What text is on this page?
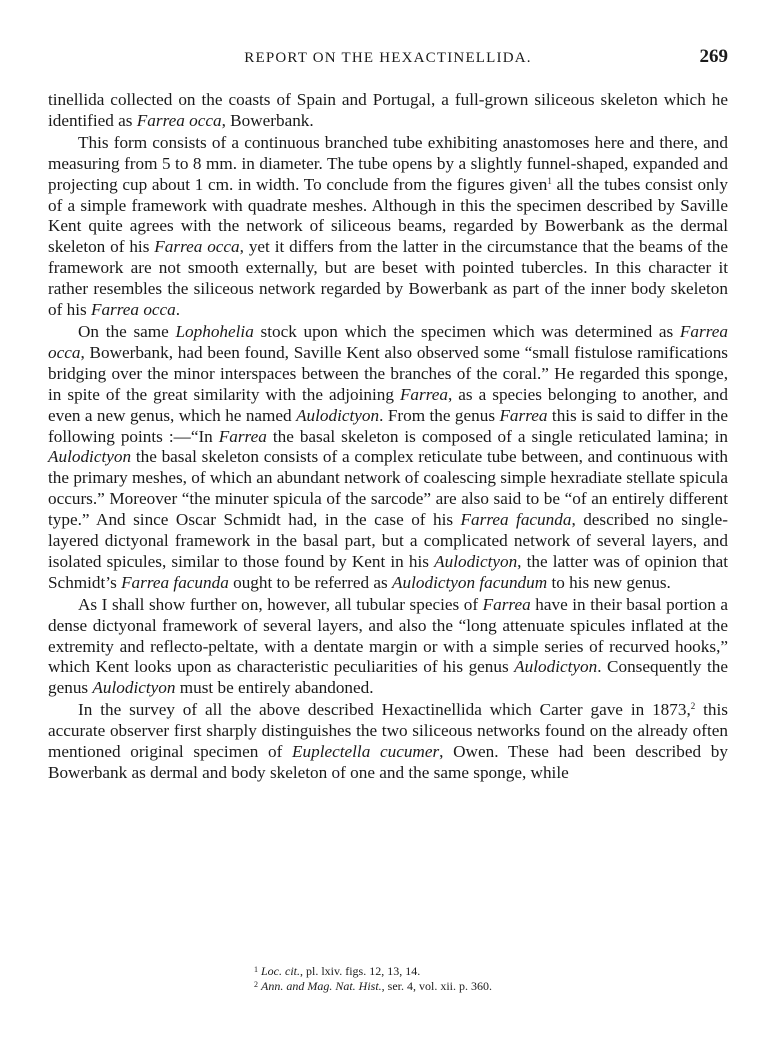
REPORT ON THE HEXACTINELLIDA.	269

tinellida collected on the coasts of Spain and Portugal, a full-grown siliceous skeleton which he identified as Farrea occa, Bowerbank.

This form consists of a continuous branched tube exhibiting anastomoses here and there, and measuring from 5 to 8 mm. in diameter. The tube opens by a slightly funnel-shaped, expanded and projecting cup about 1 cm. in width. To conclude from the figures given$^1$ all the tubes consist only of a simple framework with quadrate meshes. Although in this the specimen described by Saville Kent quite agrees with the network of siliceous beams, regarded by Bowerbank as the dermal skeleton of his Farrea occa, yet it differs from the latter in the circumstance that the beams of the framework are not smooth externally, but are beset with pointed tubercles. In this character it rather resembles the siliceous network regarded by Bowerbank as part of the inner body skeleton of his Farrea occa.

On the same Lophohelia stock upon which the specimen which was determined as Farrea occa, Bowerbank, had been found, Saville Kent also observed some “small fistulose ramifications bridging over the minor interspaces between the branches of the coral.” He regarded this sponge, in spite of the great similarity with the adjoining Farrea, as a species belonging to another, and even a new genus, which he named Aulodictyon. From the genus Farrea this is said to differ in the following points :—“In Farrea the basal skeleton is composed of a single reticulated lamina; in Aulodictyon the basal skeleton consists of a complex reticulate tube between, and continuous with the primary meshes, of which an abundant network of coalescing simple hexradiate stellate spicula occurs.” Moreover “the minuter spicula of the sarcode” are also said to be “of an entirely different type.” And since Oscar Schmidt had, in the case of his Farrea facunda, described no single-layered dictyonal framework in the basal part, but a complicated network of several layers, and isolated spicules, similar to those found by Kent in his Aulodictyon, the latter was of opinion that Schmidt’s Farrea facunda ought to be referred as Aulodictyon facundum to his new genus.

As I shall show further on, however, all tubular species of Farrea have in their basal portion a dense dictyonal framework of several layers, and also the “long attenuate spicules inflated at the extremity and reflecto-peltate, with a dentate margin or with a simple series of recurved hooks,” which Kent looks upon as characteristic peculiarities of his genus Aulodictyon. Consequently the genus Aulodictyon must be entirely abandoned.

In the survey of all the above described Hexactinellida which Carter gave in 1873,$^2$ this accurate observer first sharply distinguishes the two siliceous networks found on the already often mentioned original specimen of Euplectella cucumer, Owen. These had been described by Bowerbank as dermal and body skeleton of one and the same sponge, while

$^1$ Loc. cit., pl. lxiv. figs. 12, 13, 14.

$^2$ Ann. and Mag. Nat. Hist., ser. 4, vol. xii. p. 360.
